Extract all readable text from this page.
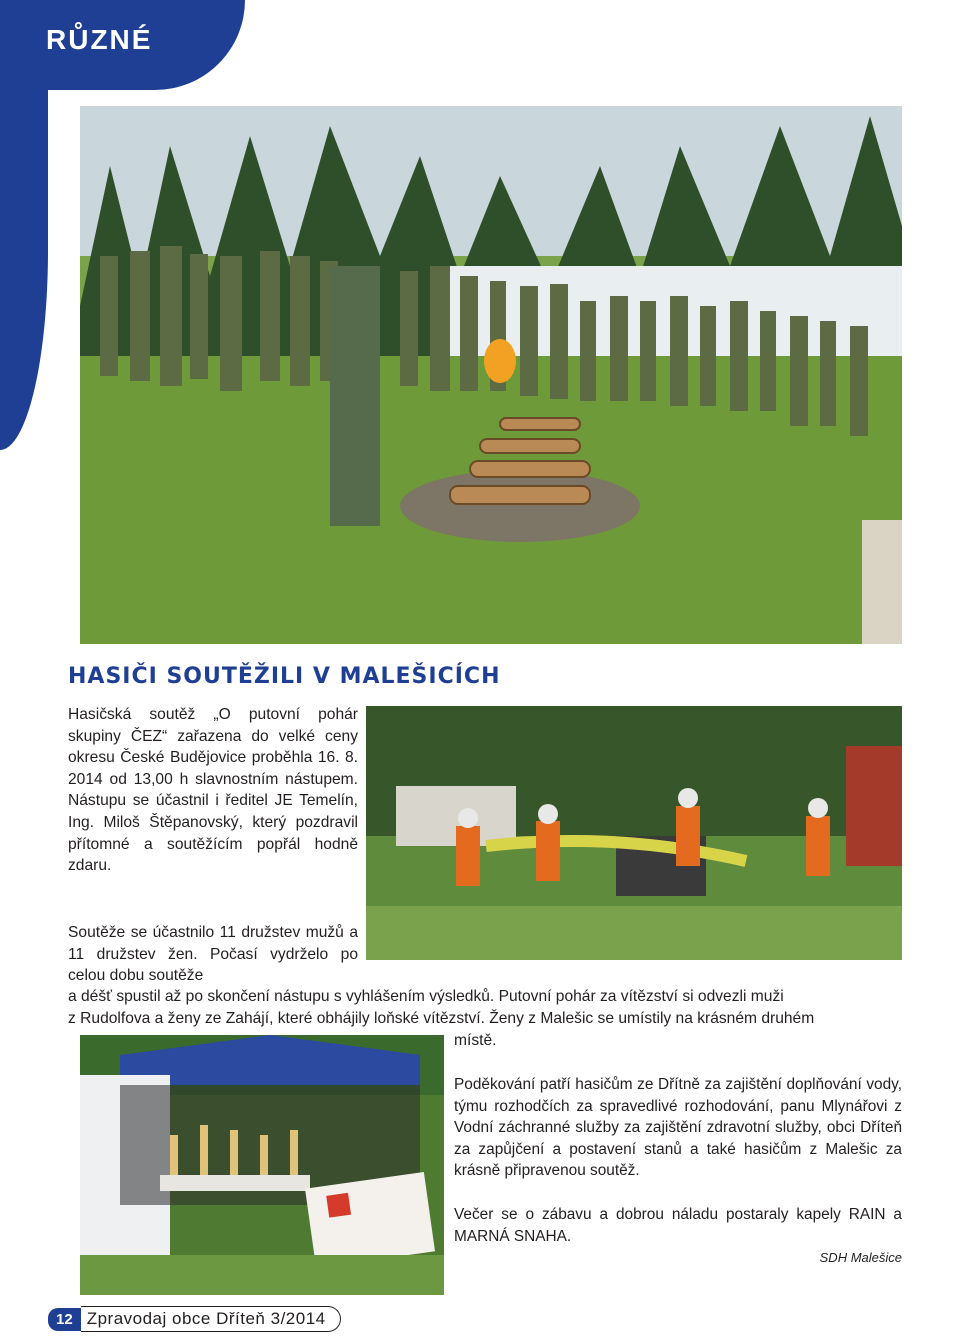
RŮZNÉ
HASIČI SOUTĚŽILI V MALEŠICÍCH
Hasičská soutěž „O putovní pohár skupiny ČEZ“ zařazena do velké ceny okresu České Budějovice proběhla 16. 8. 2014 od 13,00 h slavnostním nástupem. Nástupu se účastnil i ředitel JE Temelín, Ing. Miloš Štěpanovský, který pozdravil přítomné a soutěžícím popřál hodně zdaru.
Soutěže se účastnilo 11 družstev mužů a 11 družstev žen. Počasí vydrželo po celou dobu soutěže
a déšť spustil až po skončení nástupu s vyhlášením výsledků. Putovní pohár za vítězství si odvezli muži
z Rudolfova a ženy ze Zahájí, které obhájily loňské vítězství. Ženy z Malešic se umístily na krásném druhém
místě.
Poděkování patří hasičům ze Dřítně za zajištění doplňování vody, týmu rozhodčích za spravedlivé rozhodování, panu Mlynářovi z Vodní záchranné služby za zajištění zdravotní služby, obci Dříteň za zapůjčení a postavení stanů a také hasičům z Malešic za krásně připravenou soutěž.
Večer se o zábavu a dobrou náladu postaraly kapely RAIN a MARNÁ SNAHA.
SDH Malešice
12 Zpravodaj obce Dříteň 3/2014
